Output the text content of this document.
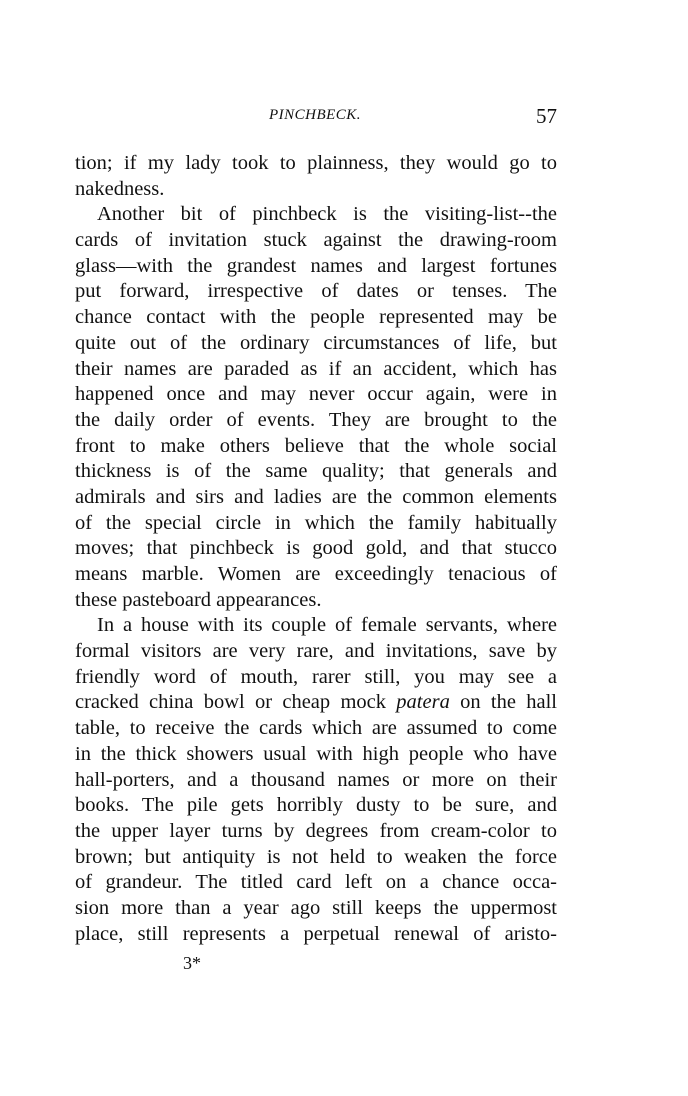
PINCHBECK.	57
tion; if my lady took to plainness, they would go to
nakedness.
Another bit of pinchbeck is the visiting-list--the
cards of invitation stuck against the drawing-room
glass—with the grandest names and largest fortunes
put forward, irrespective of dates or tenses. The
chance contact with the people represented may be
quite out of the ordinary circumstances of life, but
their names are paraded as if an accident, which has
happened once and may never occur again, were in
the daily order of events. They are brought to the
front to make others believe that the whole social
thickness is of the same quality; that generals and
admirals and sirs and ladies are the common elements
of the special circle in which the family habitually
moves; that pinchbeck is good gold, and that stucco
means marble. Women are exceedingly tenacious of
these pasteboard appearances.
In a house with its couple of female servants, where
formal visitors are very rare, and invitations, save by
friendly word of mouth, rarer still, you may see a
cracked china bowl or cheap mock patera on the hall
table, to receive the cards which are assumed to come
in the thick showers usual with high people who have
hall-porters, and a thousand names or more on their
books. The pile gets horribly dusty to be sure, and
the upper layer turns by degrees from cream-color to
brown; but antiquity is not held to weaken the force
of grandeur. The titled card left on a chance occa-
sion more than a year ago still keeps the uppermost
place, still represents a perpetual renewal of aristo-
3*
